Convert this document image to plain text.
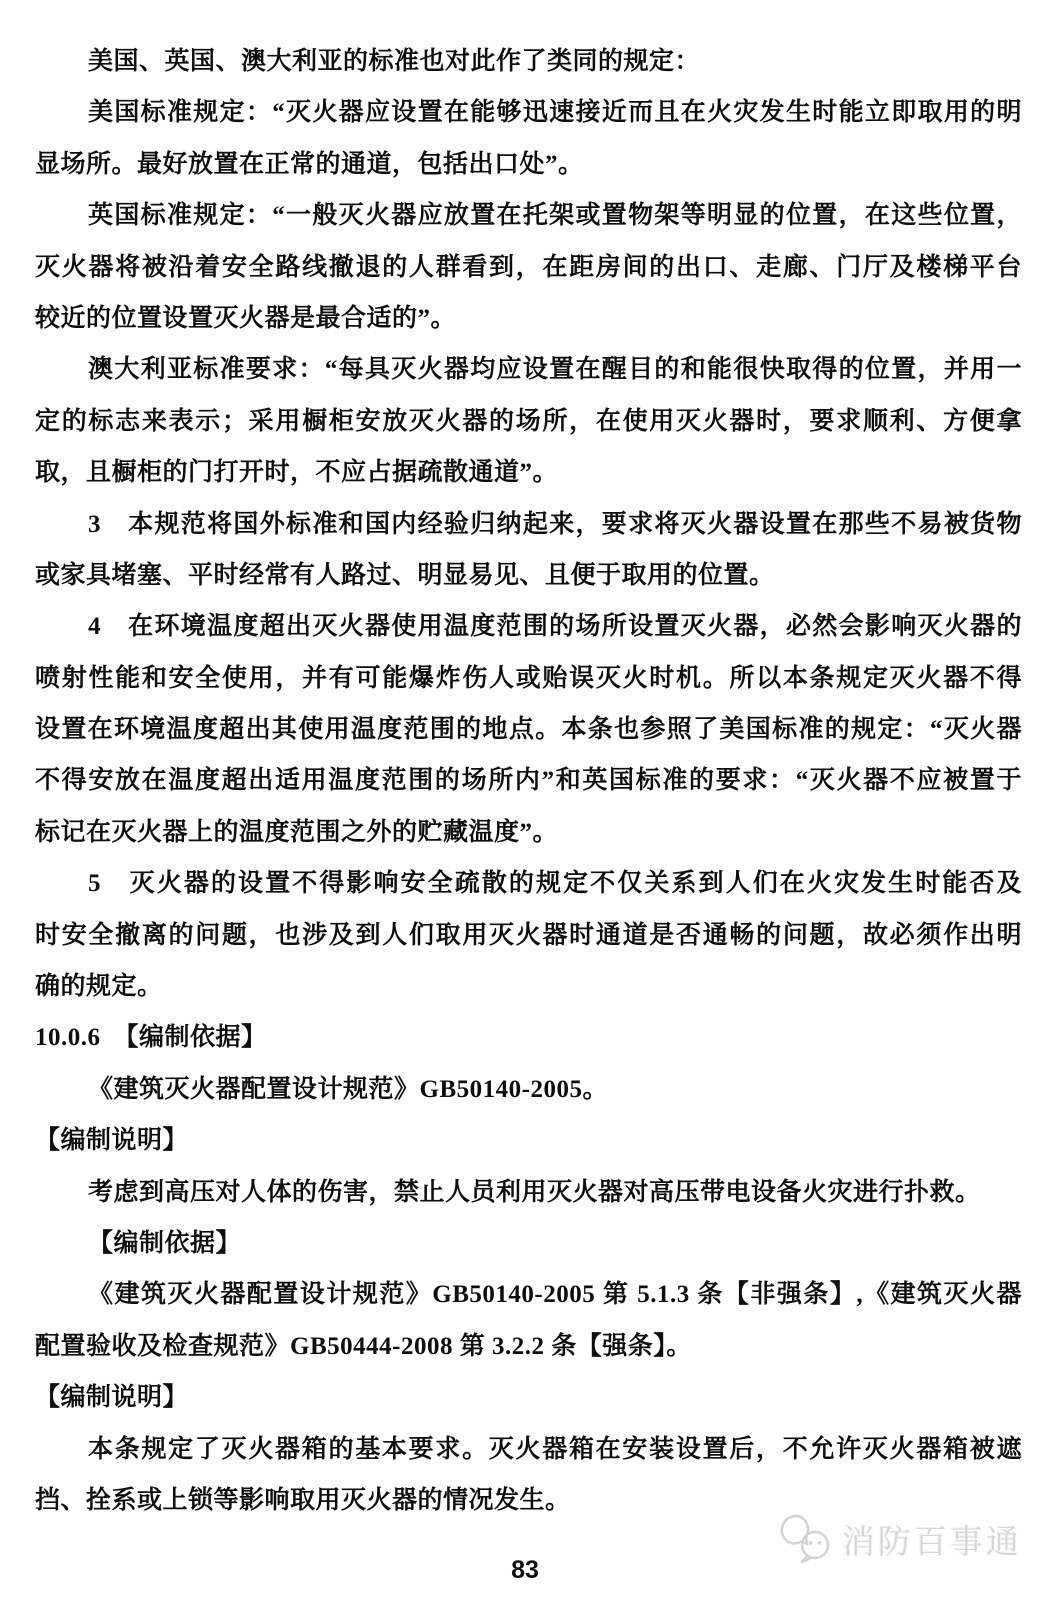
美国、英国、澳大利亚的标准也对此作了类同的规定：
美国标准规定：“灭火器应设置在能够迅速接近而且在火灾发生时能立即取用的明
显场所。最好放置在正常的通道，包括出口处”。
英国标准规定：“一般灭火器应放置在托架或置物架等明显的位置，在这些位置，
灭火器将被沿着安全路线撤退的人群看到，在距房间的出口、走廊、门厅及楼梯平台
较近的位置设置灭火器是最合适的”。
澳大利亚标准要求：“每具灭火器均应设置在醒目的和能很快取得的位置，并用一
定的标志来表示；采用橱柜安放灭火器的场所，在使用灭火器时，要求顺利、方便拿
取，且橱柜的门打开时，不应占据疏散通道”。
3　本规范将国外标准和国内经验归纳起来，要求将灭火器设置在那些不易被货物
或家具堵塞、平时经常有人路过、明显易见、且便于取用的位置。
4　在环境温度超出灭火器使用温度范围的场所设置灭火器，必然会影响灭火器的
喷射性能和安全使用，并有可能爆炸伤人或贻误灭火时机。所以本条规定灭火器不得
设置在环境温度超出其使用温度范围的地点。本条也参照了美国标准的规定：“灭火器
不得安放在温度超出适用温度范围的场所内”和英国标准的要求：“灭火器不应被置于
标记在灭火器上的温度范围之外的贮藏温度”。
5　灭火器的设置不得影响安全疏散的规定不仅关系到人们在火灾发生时能否及
时安全撤离的问题，也涉及到人们取用灭火器时通道是否通畅的问题，故必须作出明
确的规定。
10.0.6　【编制依据】
《建筑灭火器配置设计规范》GB50140-2005。
【编制说明】
考虑到高压对人体的伤害，禁止人员利用灭火器对高压带电设备火灾进行扑救。
【编制依据】
《建筑灭火器配置设计规范》GB50140-2005 第 5.1.3 条【非强条】,《建筑灭火器
配置验收及检查规范》GB50444-2008 第 3.2.2 条【强条】。
【编制说明】
本条规定了灭火器箱的基本要求。灭火器箱在安装设置后，不允许灭火器箱被遮
挡、拴系或上锁等影响取用灭火器的情况发生。
消防百事通
83
